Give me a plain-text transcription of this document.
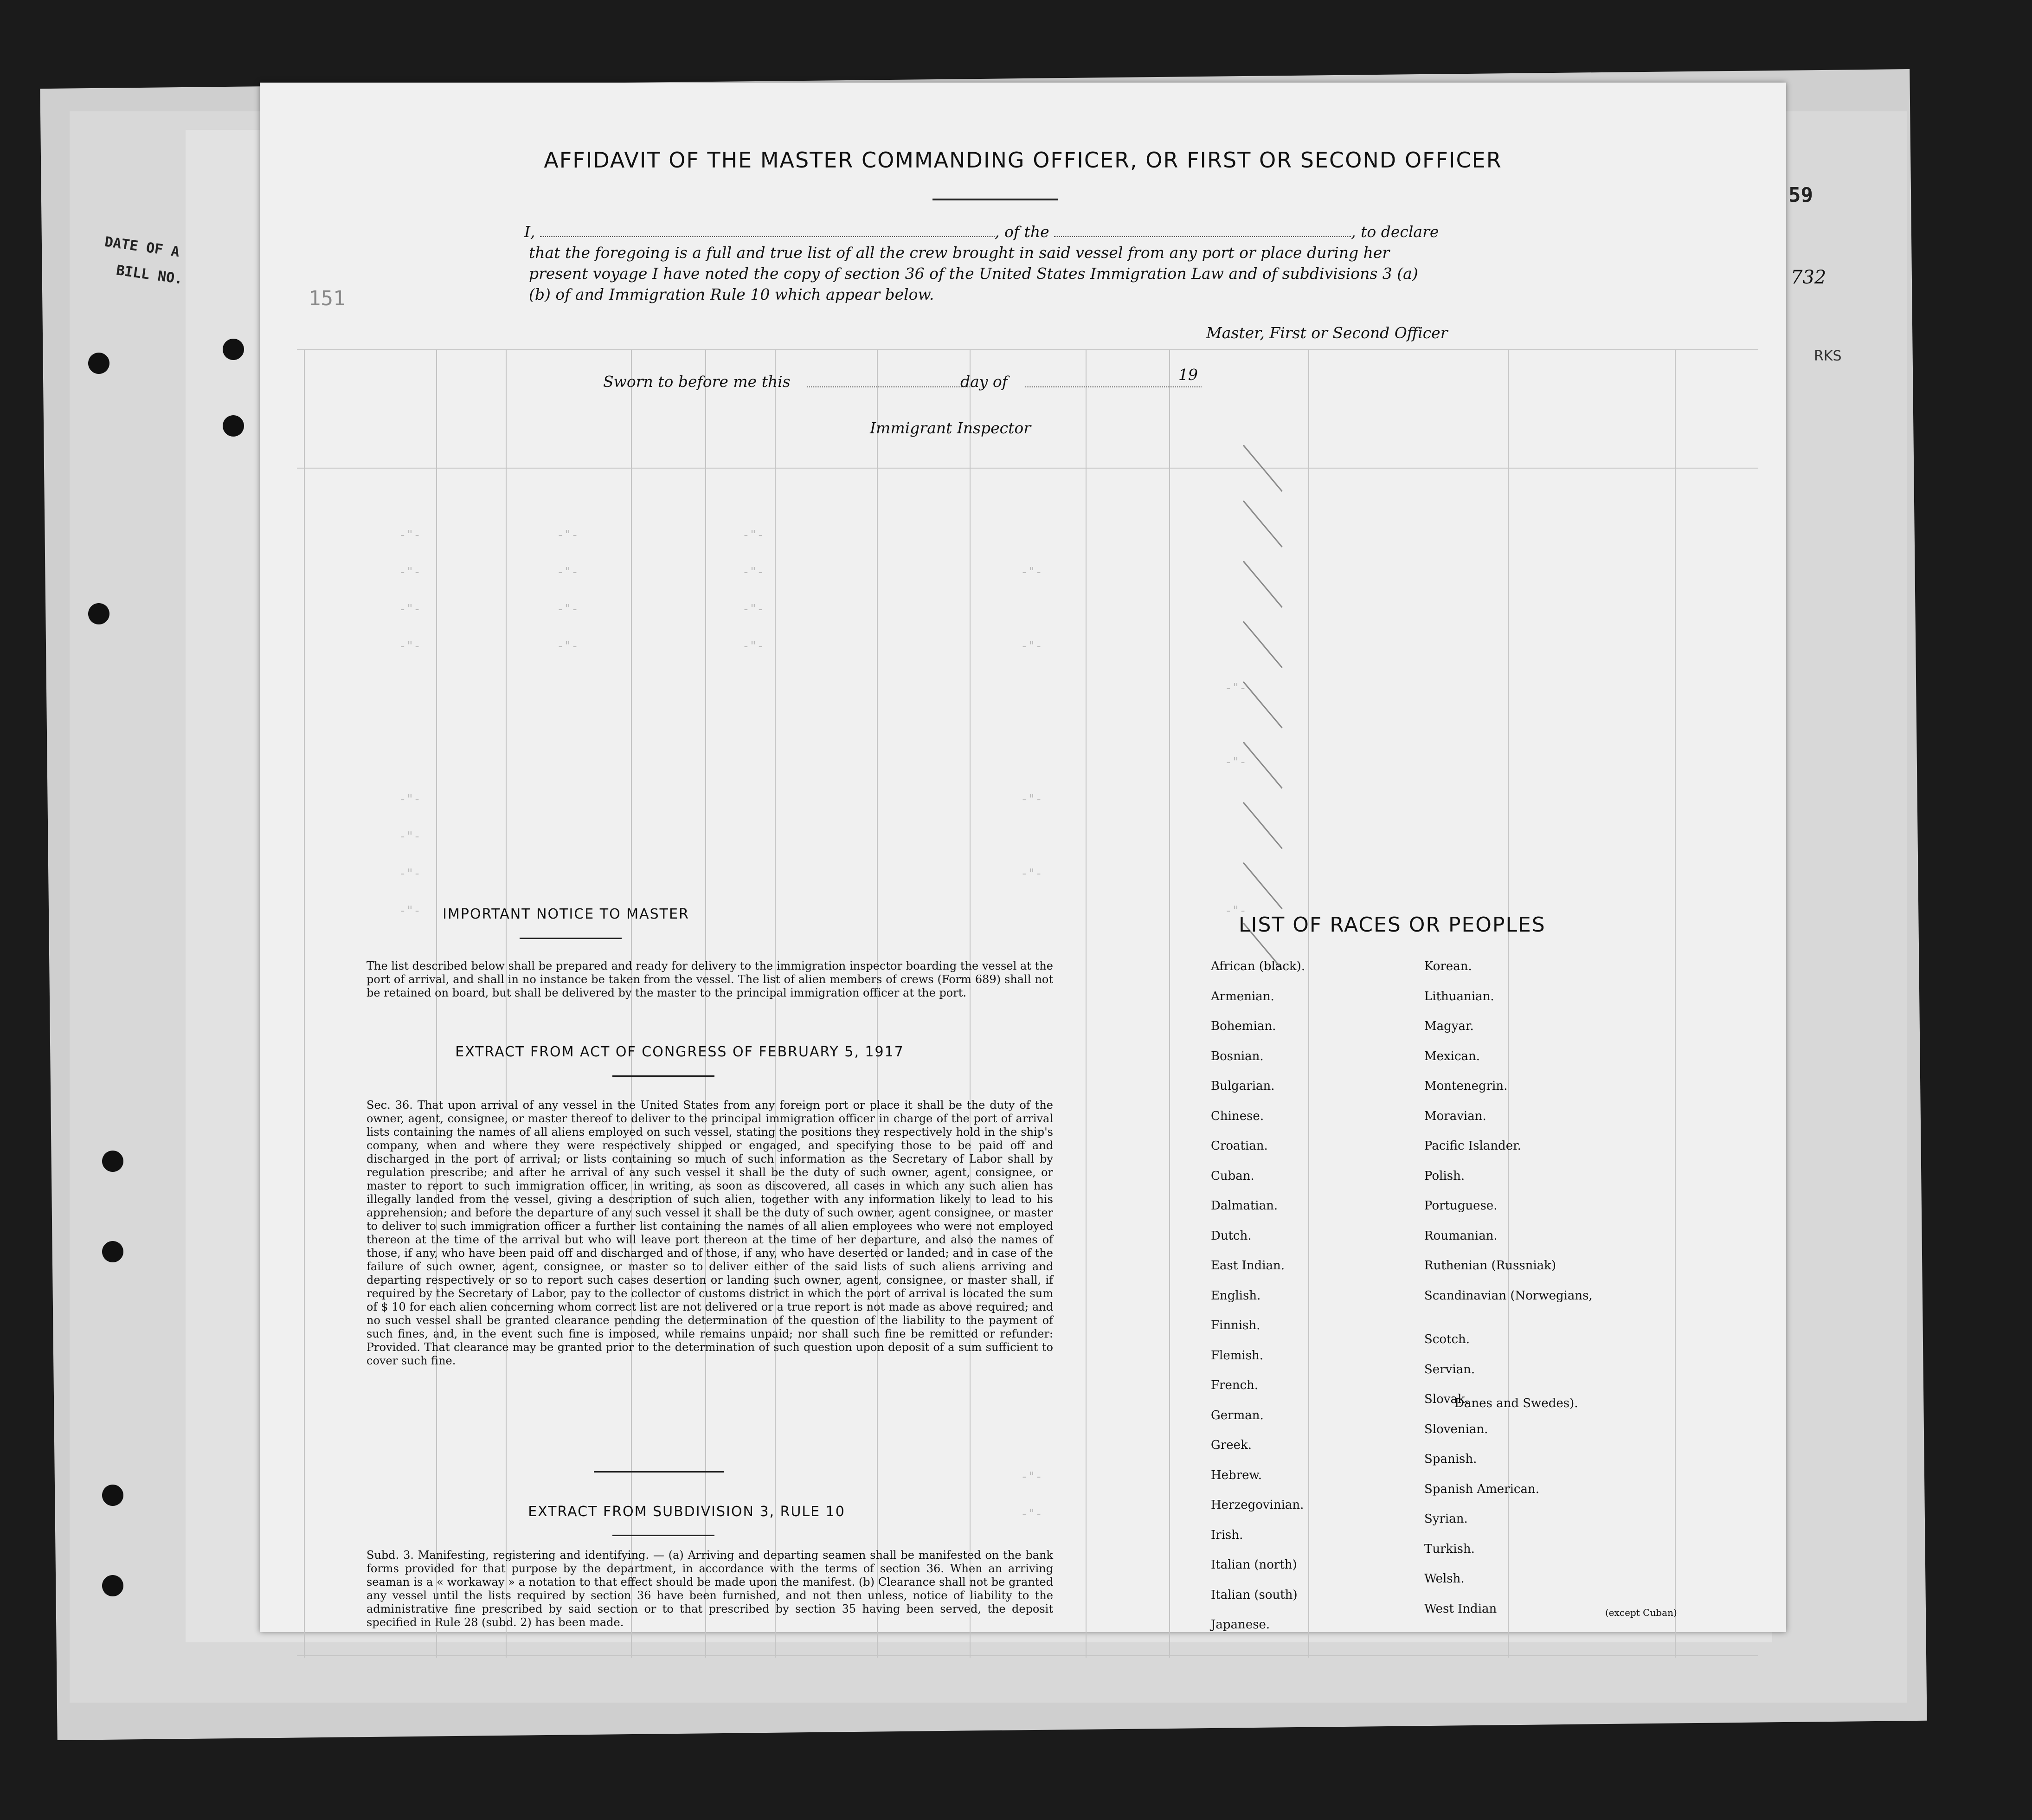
DATE OF A
BILL NO.
59
732
RKS
-"-
-"-
-"-
-"-
-"-
-"-
-"-
-"-
-"-
-"-
-"-
-"-
-"-
-"-
-"-
-"-
-"-
-"-
-"-
-"-
-"-
-"-
-"-
-"-
-"-
151
AFFIDAVIT OF THE MASTER COMMANDING OFFICER, OR FIRST OR SECOND OFFICER
I,	, of the	, to declare
that the foregoing is a full and true list of all the crew brought in said vessel from any port or place during her
present voyage I have noted the copy of section 36 of the United States Immigration Law and of subdivisions 3 (a)
(b) of and Immigration Rule 10 which appear below.
Master, First or Second Officer
Sworn to before me this	day of	19
Immigrant Inspector
IMPORTANT NOTICE TO MASTER
The list described below shall be prepared and ready for delivery to the immigration inspector boarding the vessel at the port of arrival, and shall in no instance be taken from the vessel. The list of alien members of crews (Form 689) shall not be retained on board, but shall be delivered by the master to the principal immigration officer at the port.
EXTRACT FROM ACT OF CONGRESS OF FEBRUARY 5, 1917
Sec. 36. That upon arrival of any vessel in the United States from any foreign port or place it shall be the duty of the owner, agent, consignee, or master thereof to deliver to the principal immigration officer in charge of the port of arrival lists containing the names of all aliens employed on such vessel, stating the positions they respectively hold in the ship's company, when and where they were respectively shipped or engaged, and specifying those to be paid off and discharged in the port of arrival; or lists containing so much of such information as the Secretary of Labor shall by regulation prescribe; and after he arrival of any such vessel it shall be the duty of such owner, agent, consignee, or master to report to such immigration officer, in writing, as soon as discovered, all cases in which any such alien has illegally landed from the vessel, giving a description of such alien, together with any information likely to lead to his apprehension; and before the departure of any such vessel it shall be the duty of such owner, agent consignee, or master to deliver to such immigration officer a further list containing the names of all alien employees who were not employed thereon at the time of the arrival but who will leave port thereon at the time of her departure, and also the names of those, if any, who have been paid off and discharged and of those, if any, who have deserted or landed; and in case of the failure of such owner, agent, consignee, or master so to deliver either of the said lists of such aliens arriving and departing respectively or so to report such cases desertion or landing such owner, agent, consignee, or master shall, if required by the Secretary of Labor, pay to the collector of customs district in which the port of arrival is located the sum of $ 10 for each alien concerning whom correct list are not delivered or a true report is not made as above required; and no such vessel shall be granted clearance pending the determination of the question of the liability to the payment of such fines, and, in the event such fine is imposed, while remains unpaid; nor shall such fine be remitted or refunder: Provided. That clearance may be granted prior to the determination of such question upon deposit of a sum sufficient to cover such fine.
EXTRACT FROM SUBDIVISION 3, RULE 10
Subd. 3. Manifesting, registering and identifying. — (a) Arriving and departing seamen shall be manifested on the bank forms provided for that purpose by the department, in accordance with the terms of section 36. When an arriving seaman is a « workaway » a notation to that effect should be made upon the manifest. (b) Clearance shall not be granted any vessel until the lists required by section 36 have been furnished, and not then unless, notice of liability to the administrative fine prescribed by said section or to that prescribed by section 35 having been served, the deposit specified in Rule 28 (subd. 2) has been made.
LIST OF RACES OR PEOPLES
African (black).
Armenian.
Bohemian.
Bosnian.
Bulgarian.
Chinese.
Croatian.
Cuban.
Dalmatian.
Dutch.
East Indian.
English.
Finnish.
Flemish.
French.
German.
Greek.
Hebrew.
Herzegovinian.
Irish.
Italian (north)
Italian (south)
Japanese.
Korean.
Lithuanian.
Magyar.
Mexican.
Montenegrin.
Moravian.
Pacific Islander.
Polish.
Portuguese.
Roumanian.
Ruthenian (Russniak)
Scandinavian (Norwegians,
Scotch.
Servian.
Slovak.
Slovenian.
Spanish.
Spanish American.
Syrian.
Turkish.
Welsh.
West Indian
Danes and Swedes).
(except Cuban)
